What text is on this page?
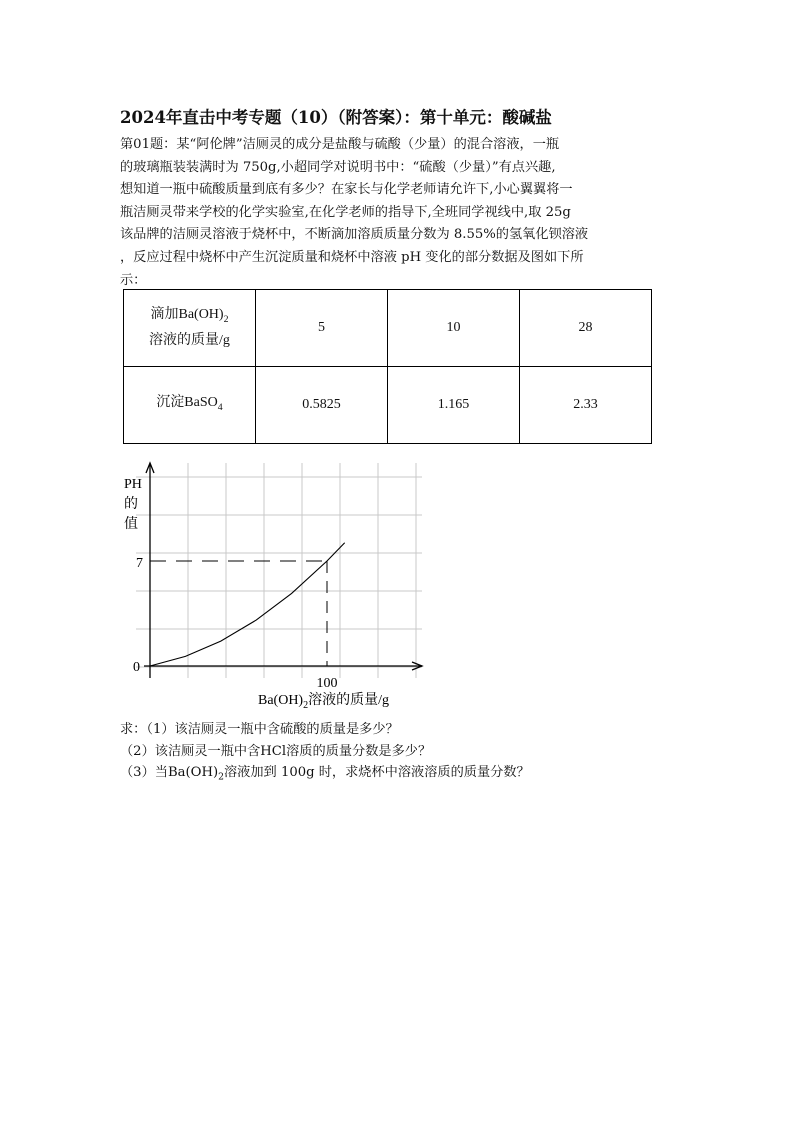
2024年直击中考专题（10）（附答案）：第十单元：酸碱盐
第01题：某“阿伦牌”洁厕灵的成分是盐酸与硫酸（少量）的混合溶液，一瓶
的玻璃瓶装装满时为 750g,小超同学对说明书中：“硫酸（少量）”有点兴趣,
想知道一瓶中硫酸质量到底有多少？在家长与化学老师请允许下,小心翼翼将一
瓶洁厕灵带来学校的化学实验室,在化学老师的指导下,全班同学视线中,取 25g
该品牌的洁厕灵溶液于烧杯中，不断滴加溶质质量分数为 8.55%的氢氧化钡溶液
，反应过程中烧杯中产生沉淀质量和烧杯中溶液 pH 变化的部分数据及图如下所
示：
滴加$Ba(OH)_2$
溶液的质量/g	5	10	28
沉淀BaSO$_4$	0.5825	1.165	2.33
PH
的
值
0
7
100
$Ba(OH)_2$溶液的质量/g
求：（1）该洁厕灵一瓶中含硫酸的质量是多少？
（2）该洁厕灵一瓶中含HCl溶质的质量分数是多少？
（3）当$Ba(OH)_2$溶液加到 100g 时，求烧杯中溶液溶质的质量分数？
